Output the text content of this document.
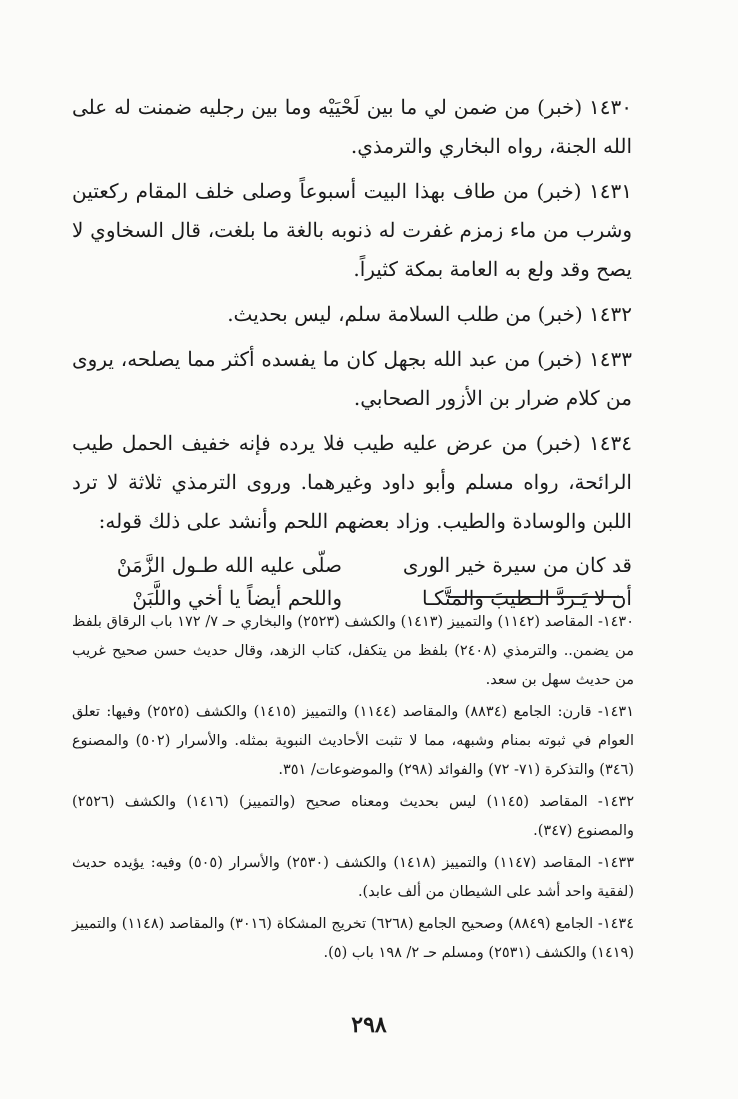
١٤٣٠ (خبر) من ضمن لي ما بين لَحْيَيْه وما بين رجليه ضمنت له على الله الجنة، رواه البخاري والترمذي.

١٤٣١ (خبر) من طاف بهذا البيت أسبوعاً وصلى خلف المقام ركعتين وشرب من ماء زمزم غفرت له ذنوبه بالغة ما بلغت، قال السخاوي لا يصح وقد ولع به العامة بمكة كثيراً.

١٤٣٢ (خبر) من طلب السلامة سلم، ليس بحديث.

١٤٣٣ (خبر) من عبد الله بجهل كان ما يفسده أكثر مما يصلحه، يروى من كلام ضرار بن الأزور الصحابي.

١٤٣٤ (خبر) من عرض عليه طيب فلا يرده فإنه خفيف الحمل طيب الرائحة، رواه مسلم وأبو داود وغيرهما. وروى الترمذي ثلاثة لا ترد اللبن والوسادة والطيب. وزاد بعضهم اللحم وأنشد على ذلك قوله:

قد كان من سيرة خير الورى
صلّى عليه الله طـول الزَّمَنْ
أن لا يَـردَّ الـطيبَ والمتَّكـا
واللحم أيضاً يا أخي واللَّبَنْ

١٤٣٠- المقاصد (١١٤٢) والتمييز (١٤١٣) والكشف (٢٥٢٣) والبخاري حـ ٧/ ١٧٢ باب الرقاق بلفظ من يضمن.. والترمذي (٢٤٠٨) بلفظ من يتكفل، كتاب الزهد، وقال حديث حسن صحيح غريب من حديث سهل بن سعد.

١٤٣١- قارن: الجامع (٨٨٣٤) والمقاصد (١١٤٤) والتمييز (١٤١٥) والكشف (٢٥٢٥) وفيها: تعلق العوام في ثبوته بمنام وشبهه، مما لا تثبت الأحاديث النبوية بمثله. والأسرار (٥٠٢) والمصنوع (٣٤٦) والتذكرة (٧١- ٧٢) والفوائد (٢٩٨) والموضوعات/ ٣٥١.

١٤٣٢- المقاصد (١١٤٥) ليس بحديث ومعناه صحيح (والتمييز) (١٤١٦) والكشف (٢٥٢٦) والمصنوع (٣٤٧).

١٤٣٣- المقاصد (١١٤٧) والتمييز (١٤١٨) والكشف (٢٥٣٠) والأسرار (٥٠٥) وفيه: يؤيده حديث (لفقية واحد أشد على الشيطان من ألف عابد).

١٤٣٤- الجامع (٨٨٤٩) وصحيح الجامع (٦٢٦٨) تخريج المشكاة (٣٠١٦) والمقاصد (١١٤٨) والتمييز (١٤١٩) والكشف (٢٥٣١) ومسلم حـ ٢/ ١٩٨ باب (٥).

٢٩٨
